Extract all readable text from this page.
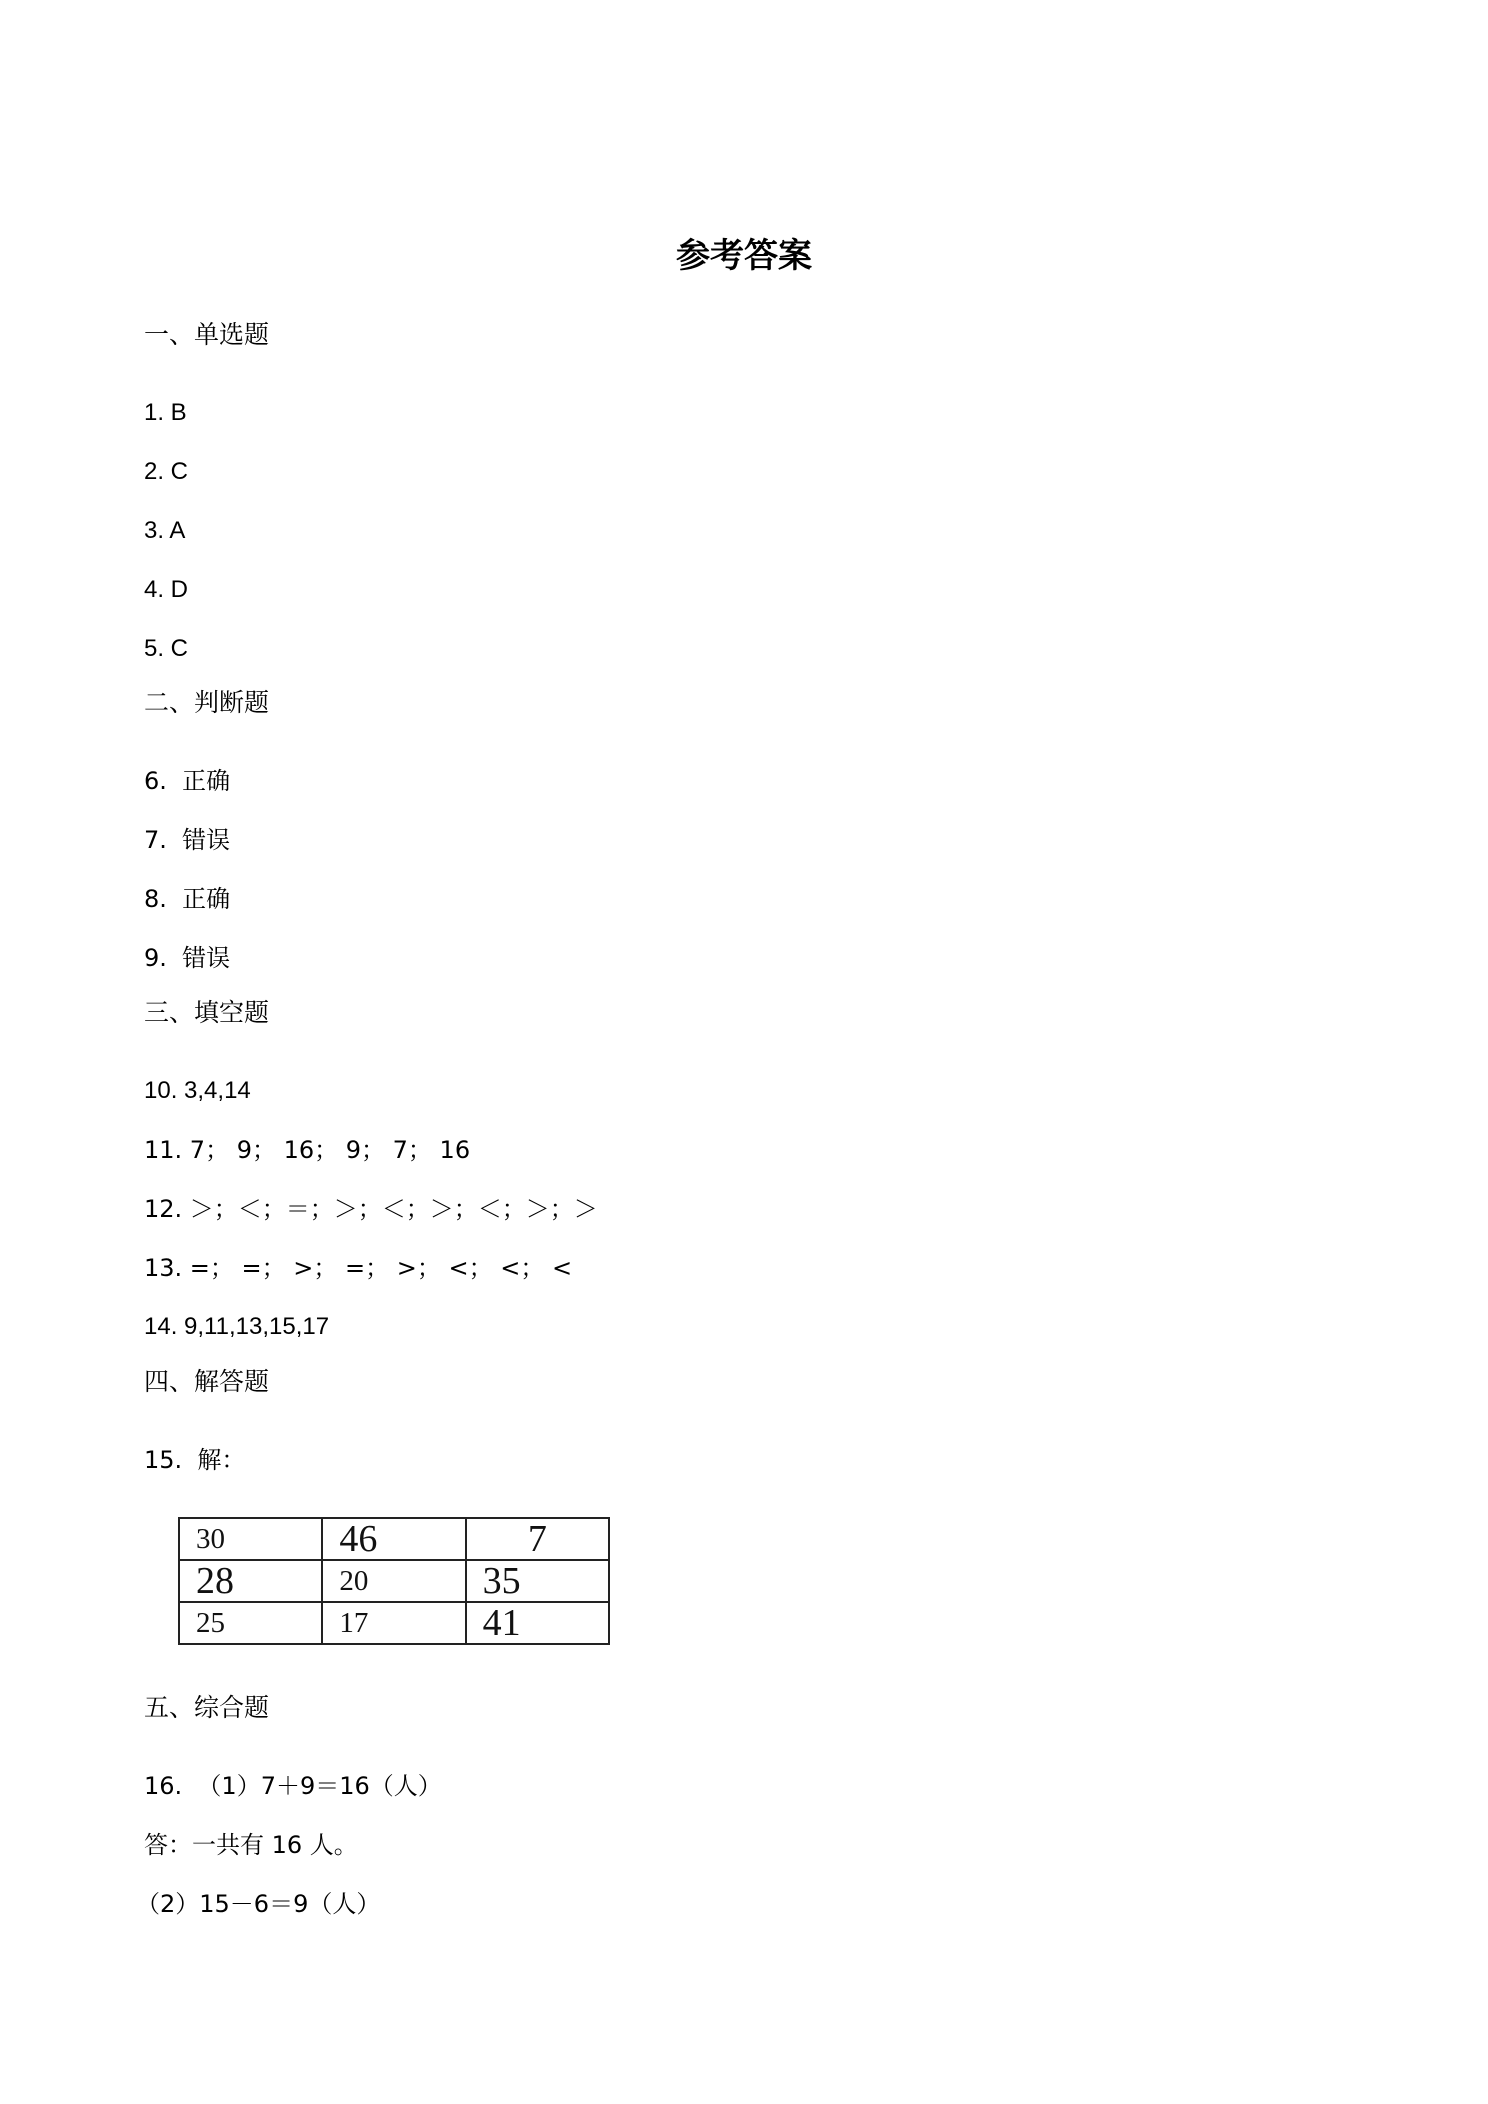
参考答案
一、单选题
1. B
2. C
3. A
4. D
5. C
二、判断题
6.  正确
7.  错误
8.  正确
9.  错误
三、填空题
10. 3,4,14
11. 7； 9； 16； 9； 7； 16
12. ＞；＜；＝；＞；＜；＞；＜；＞；＞
13. =； =； >； =； >； <； <； <
14. 9,11,13,15,17
四、解答题
15.  解：
30	46	7
28	20	35
25	17	41
五、综合题
16.  （1）7＋9＝16（人）
答：一共有 16 人。
（2）15－6＝9（人）
